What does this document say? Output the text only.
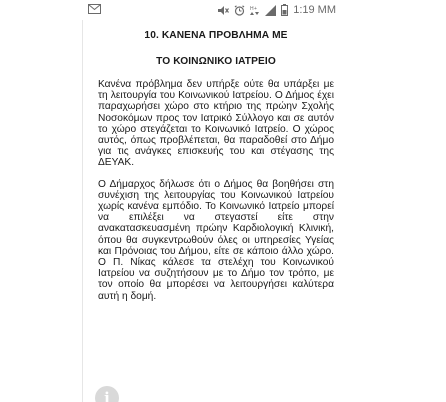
H +	1:19 MM
10. ΚΑΝΕΝΑ ΠΡΟΒΛΗΜΑ ΜΕ
ΤΟ ΚΟΙΝΩΝΙΚΟ ΙΑΤΡΕΙΟ

Κανένα πρόβλημα δεν υπήρξε ούτε θα υπάρξει με τη λειτουργία του Κοινωνικού Ιατρείου. Ο Δήμος έχει παραχωρήσει χώρο στο κτήριο της πρώην Σχολής Νοσοκόμων προς τον Ιατρικό Σύλλογο και σε αυτόν το χώρο στεγάζεται το Κοινωνικό Ιατρείο. Ο χώρος αυτός, όπως προβλέπεται, θα παραδοθεί στο Δήμο για τις ανάγκες επισκευής του και στέγασης της ΔΕΥΑΚ.

Ο Δήμαρχος δήλωσε ότι ο Δήμος θα βοηθήσει στη συνέχιση της λειτουργίας του Κοινωνικού Ιατρείου χωρίς κανένα εμπόδιο. Το Κοινωνικό Ιατρείο μπορεί να επιλέξει να στεγαστεί είτε στην ανακατασκευασμένη πρώην Καρδιολογική Κλινική, όπου θα συγκεντρωθούν όλες οι υπηρεσίες Υγείας και Πρόνοιας του Δήμου, είτε σε κάποιο άλλο χώρο. Ο Π. Νίκας κάλεσε τα στελέχη του Κοινωνικού Ιατρείου να συζητήσουν με το Δήμο τον τρόπο, με τον οποίο θα μπορέσει να λειτουργήσει καλύτερα αυτή η δομή.

i
